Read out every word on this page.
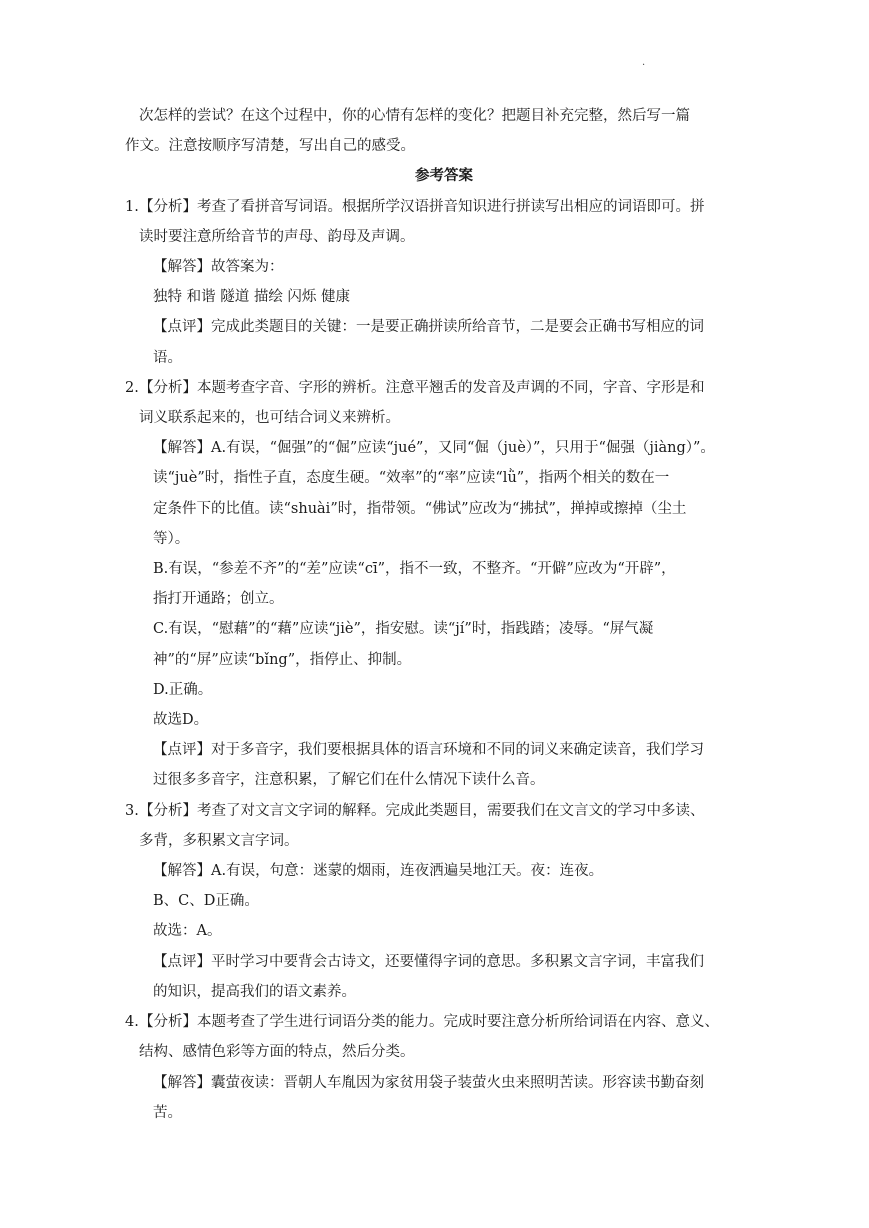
.

次怎样的尝试？在这个过程中，你的心情有怎样的变化？把题目补充完整，然后写一篇

作文。注意按顺序写清楚，写出自己的感受。

参考答案

1. 【分析】考查了看拼音写词语。根据所学汉语拼音知识进行拼读写出相应的词语即可。拼

读时要注意所给音节的声母、韵母及声调。

【解答】故答案为：

独特 和谐 隧道 描绘 闪烁 健康

【点评】完成此类题目的关键：一是要正确拼读所给音节，二是要会正确书写相应的词

语。

2. 【分析】本题考查字音、字形的辨析。注意平翘舌的发音及声调的不同，字音、字形是和

词义联系起来的，也可结合词义来辨析。

【解答】A.有误，“倔强”的“倔”应读“jué”，又同“倔（juè）”，只用于“倔强（jiàng）”。

读“juè”时，指性子直，态度生硬。“效率”的“率”应读“lǜ”，指两个相关的数在一

定条件下的比值。读“shuài”时，指带领。“佛试”应改为“拂拭”，掸掉或擦掉（尘土

等）。

B.有误，“参差不齐”的“差”应读“cī”，指不一致，不整齐。“开僻”应改为“开辟”，

指打开通路；创立。

C.有误，“慰藉”的“藉”应读“jiè”，指安慰。读“jí”时，指践踏；凌辱。“屏气凝

神”的“屏”应读“bǐng”，指停止、抑制。

D.正确。

故选D。

【点评】对于多音字，我们要根据具体的语言环境和不同的词义来确定读音，我们学习

过很多多音字，注意积累，了解它们在什么情况下读什么音。

3. 【分析】考查了对文言文字词的解释。完成此类题目，需要我们在文言文的学习中多读、

多背，多积累文言字词。

【解答】A.有误，句意：迷蒙的烟雨，连夜洒遍吴地江天。夜：连夜。

B、C、D正确。

故选：A。

【点评】平时学习中要背会古诗文，还要懂得字词的意思。多积累文言字词，丰富我们

的知识，提高我们的语文素养。

4. 【分析】本题考查了学生进行词语分类的能力。完成时要注意分析所给词语在内容、意义、

结构、感情色彩等方面的特点，然后分类。

【解答】囊萤夜读：晋朝人车胤因为家贫用袋子装萤火虫来照明苦读。形容读书勤奋刻

苦。
